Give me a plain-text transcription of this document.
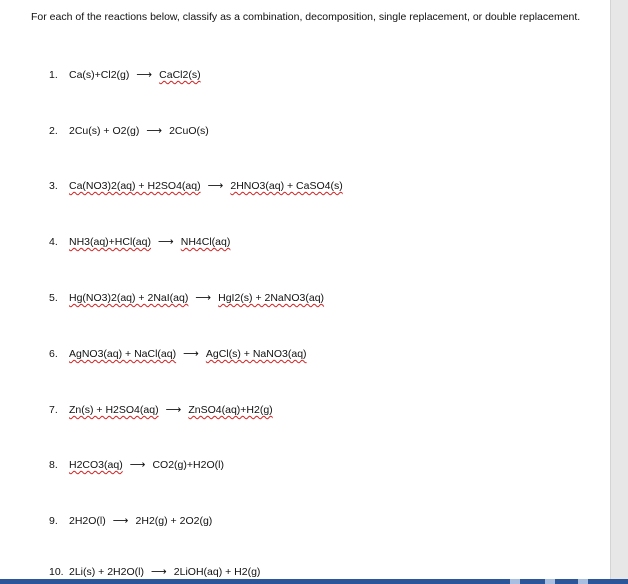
For each of the reactions below, classify as a combination, decomposition, single replacement, or double replacement.
1. Ca(s)+Cl2(g) ⟶ CaCl2(s)
2. 2Cu(s) + O2(g) ⟶ 2CuO(s)
3. Ca(NO3)2(aq) + H2SO4(aq) ⟶ 2HNO3(aq) + CaSO4(s)
4. NH3(aq)+HCl(aq) ⟶ NH4Cl(aq)
5. Hg(NO3)2(aq) + 2NaI(aq) ⟶ HgI2(s) + 2NaNO3(aq)
6. AgNO3(aq) + NaCl(aq) ⟶ AgCl(s) + NaNO3(aq)
7. Zn(s) + H2SO4(aq) ⟶ ZnSO4(aq)+H2(g)
8. H2CO3(aq) ⟶ CO2(g)+H2O(l)
9. 2H2O(l) ⟶ 2H2(g) + 2O2(g)
10. 2Li(s) + 2H2O(l) ⟶ 2LiOH(aq) + H2(g)
